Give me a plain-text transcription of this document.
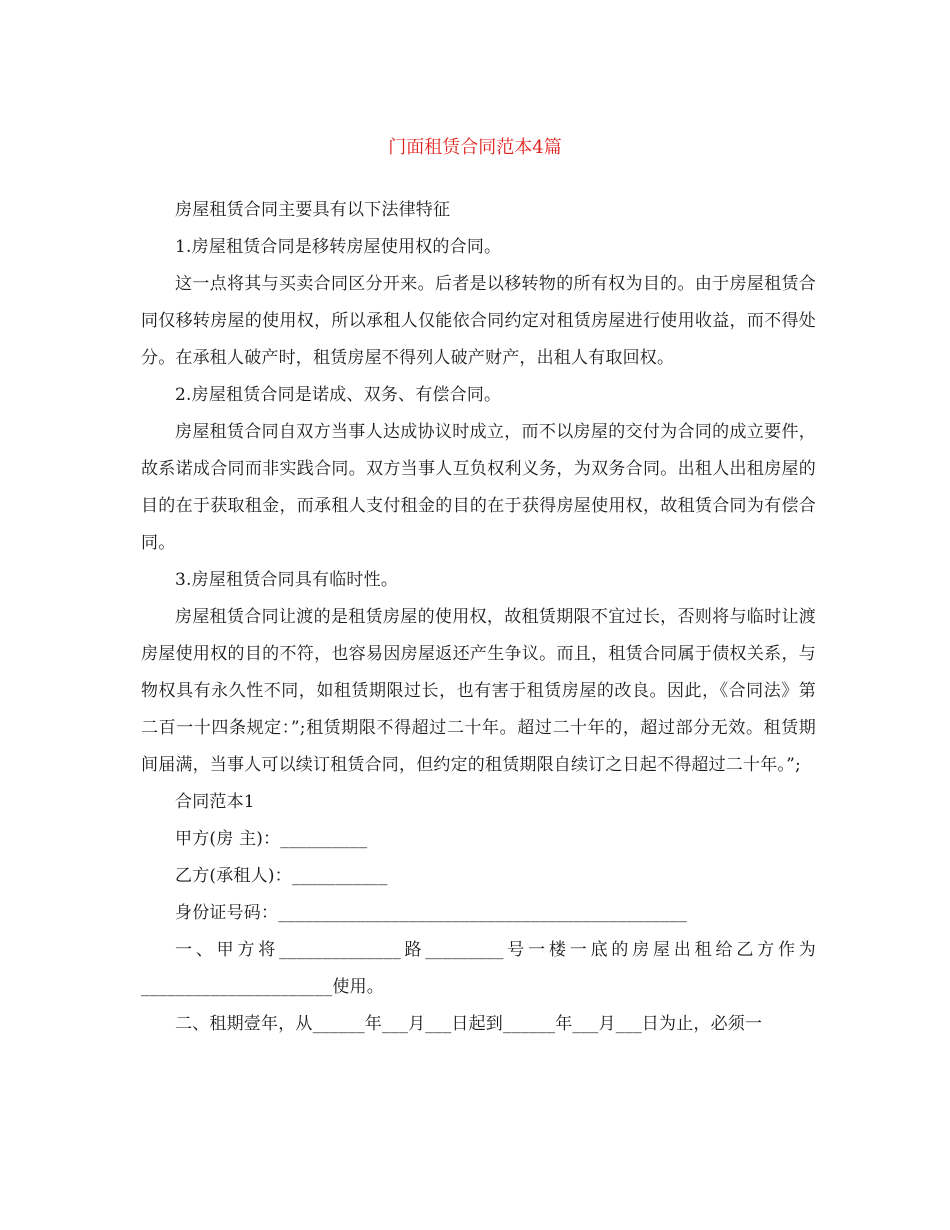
门面租赁合同范本4篇

房屋租赁合同主要具有以下法律特征

1.房屋租赁合同是移转房屋使用权的合同。

这一点将其与买卖合同区分开来。后者是以移转物的所有权为目的。由于房屋租赁合同仅移转房屋的使用权，所以承租人仅能依合同约定对租赁房屋进行使用收益，而不得处分。在承租人破产时，租赁房屋不得列人破产财产，出租人有取回权。

2.房屋租赁合同是诺成、双务、有偿合同。

房屋租赁合同自双方当事人达成协议时成立，而不以房屋的交付为合同的成立要件，故系诺成合同而非实践合同。双方当事人互负权利义务，为双务合同。出租人出租房屋的目的在于获取租金，而承租人支付租金的目的在于获得房屋使用权，故租赁合同为有偿合同。

3.房屋租赁合同具有临时性。

房屋租赁合同让渡的是租赁房屋的使用权，故租赁期限不宜过长，否则将与临时让渡房屋使用权的目的不符，也容易因房屋返还产生争议。而且，租赁合同属于债权关系，与物权具有永久性不同，如租赁期限过长，也有害于租赁房屋的改良。因此，《合同法》第二百一十四条规定：”;租赁期限不得超过二十年。超过二十年的，超过部分无效。租赁期间届满，当事人可以续订租赁合同，但约定的租赁期限自续订之日起不得超过二十年。”;

合同范本1

甲方(房 主)：__________

乙方(承租人)：___________

身份证号码：_______________________________________________

一、甲方将______________路_________号一楼一底的房屋出租给乙方作为______________________使用。

二、租期壹年，从______年___月___日起到______年___月___日为止，必须一
